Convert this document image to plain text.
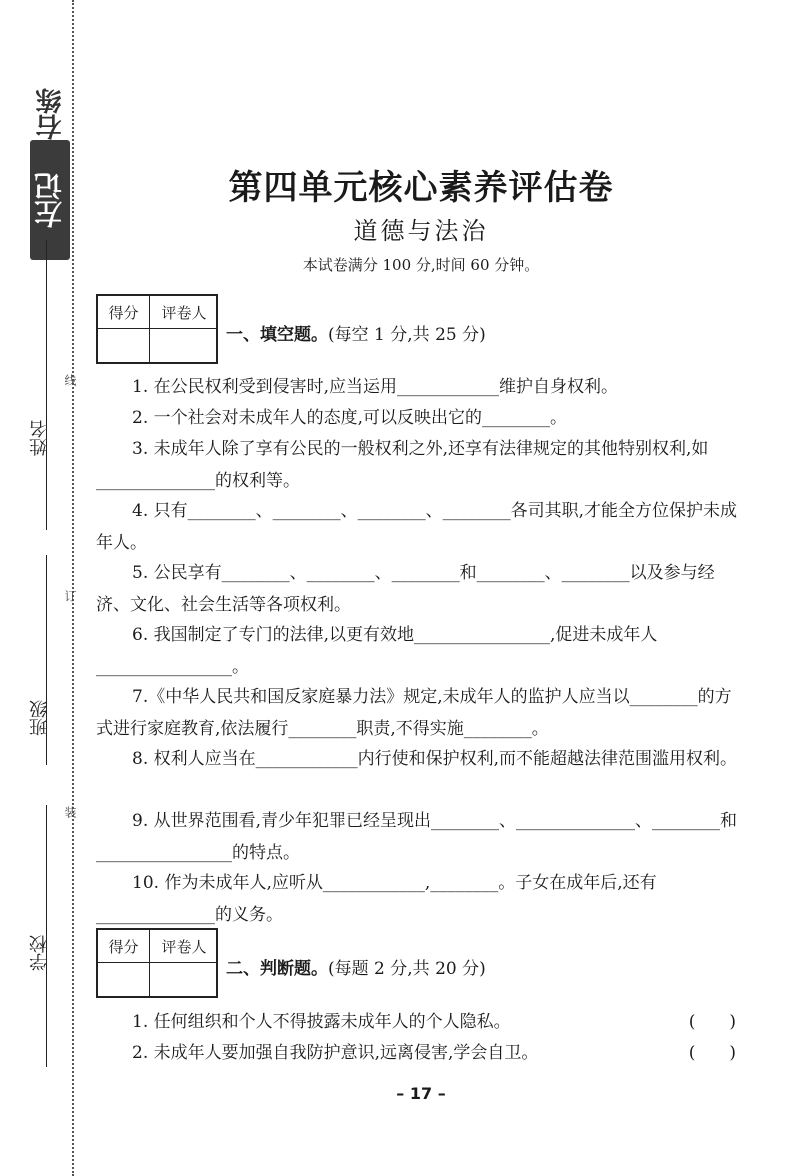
右练
左记
姓名
班级
学校
线
订
装
第四单元核心素养评估卷
道德与法治
本试卷满分 100 分,时间 60 分钟。
得分	评卷人
一、填空题。(每空 1 分,共 25 分)
1. 在公民权利受到侵害时,应当运用____________维护自身权利。
2. 一个社会对未成年人的态度,可以反映出它的________。
3. 未成年人除了享有公民的一般权利之外,还享有法律规定的其他特别权利,如______________的权利等。
4. 只有________、________、________、________各司其职,才能全方位保护未成年人。
5. 公民享有________、________、________和________、________以及参与经济、文化、社会生活等各项权利。
6. 我国制定了专门的法律,以更有效地________________,促进未成年人________________。
7.《中华人民共和国反家庭暴力法》规定,未成年人的监护人应当以________的方式进行家庭教育,依法履行________职责,不得实施________。
8. 权利人应当在____________内行使和保护权利,而不能超越法律范围滥用权利。
9. 从世界范围看,青少年犯罪已经呈现出________、______________、________和________________的特点。
10. 作为未成年人,应听从____________,________。子女在成年后,还有______________的义务。
得分	评卷人
二、判断题。(每题 2 分,共 20 分)
1. 任何组织和个人不得披露未成年人的个人隐私。	(　　)
2. 未成年人要加强自我防护意识,远离侵害,学会自卫。	(　　)
– 17 –
